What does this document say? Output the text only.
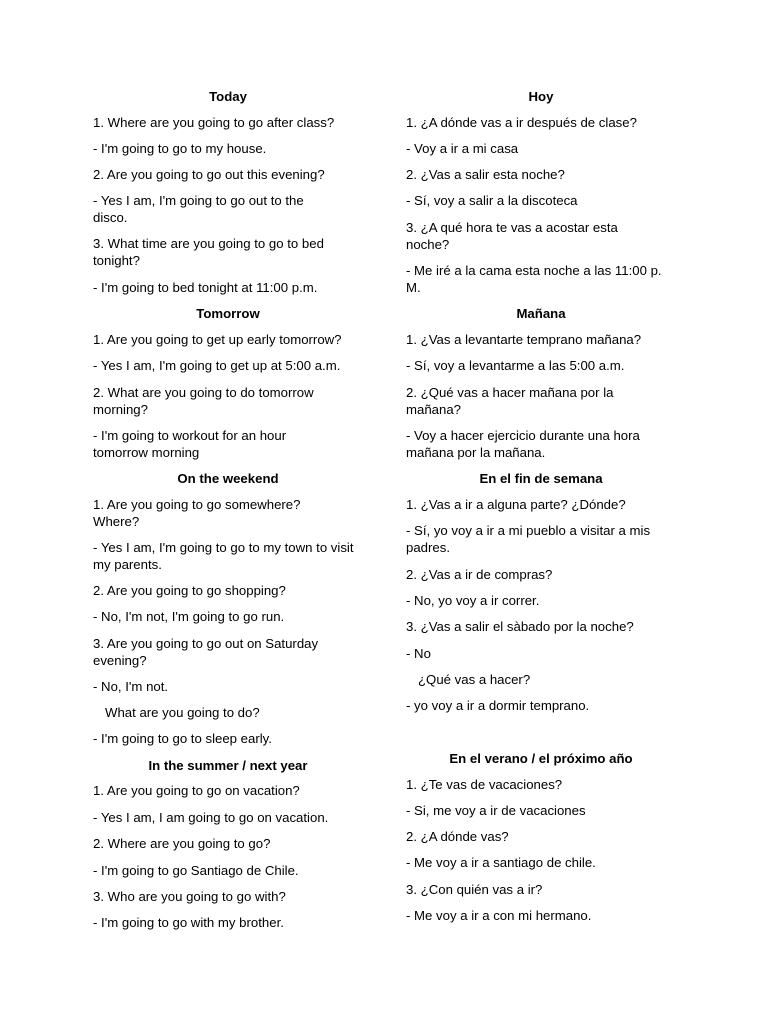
Today
1. Where are you going to go after class?
- I'm going to go to my house.
2. Are you going to go out this evening?
- Yes I am, I'm going to go out to the disco.
3. What time are you going to go to bed tonight?
- I'm going to bed tonight at 11:00 p.m.
Tomorrow
1. Are you going to get up early tomorrow?
- Yes I am, I'm going to get up at 5:00 a.m.
2. What are you going to do tomorrow morning?
- I'm going to workout for an hour tomorrow morning
On the weekend
1. Are you going to go somewhere? Where?
- Yes I am, I'm going to go to my town to visit my parents.
2. Are you going to go shopping?
- No, I'm not, I'm going to go run.
3. Are you going to go out on Saturday evening?
- No, I'm not.
What are you going to do?
- I'm going to go to sleep early.
In the summer / next year
1. Are you going to go on vacation?
- Yes I am, I am going to go on vacation.
2. Where are you going to go?
- I'm going to go Santiago de Chile.
3. Who are you going to go with?
- I'm going to go with my brother.
Hoy
1. ¿A dónde vas a ir después de clase?
- Voy a ir a mi casa
2. ¿Vas a salir esta noche?
- Sí, voy a salir a la discoteca
3. ¿A qué hora te vas a acostar esta noche?
- Me iré a la cama esta noche a las 11:00 p. M.
Mañana
1. ¿Vas a levantarte temprano mañana?
- Sí, voy a levantarme a las 5:00 a.m.
2. ¿Qué vas a hacer mañana por la mañana?
- Voy a hacer ejercicio durante una hora mañana por la mañana.
En el fin de semana
1. ¿Vas a ir a alguna parte? ¿Dónde?
- Sí, yo voy a ir a mi pueblo a visitar a mis padres.
2. ¿Vas a ir de compras?
- No, yo voy a ir correr.
3. ¿Vas a salir el sàbado por la noche?
- No
¿Qué vas a hacer?
- yo voy a ir a dormir temprano.
En el verano / el próximo año
1. ¿Te vas de vacaciones?
- Si, me voy a ir de vacaciones
2. ¿A dónde vas?
- Me voy a ir a santiago de chile.
3. ¿Con quién vas a ir?
- Me voy a ir a con mi hermano.
